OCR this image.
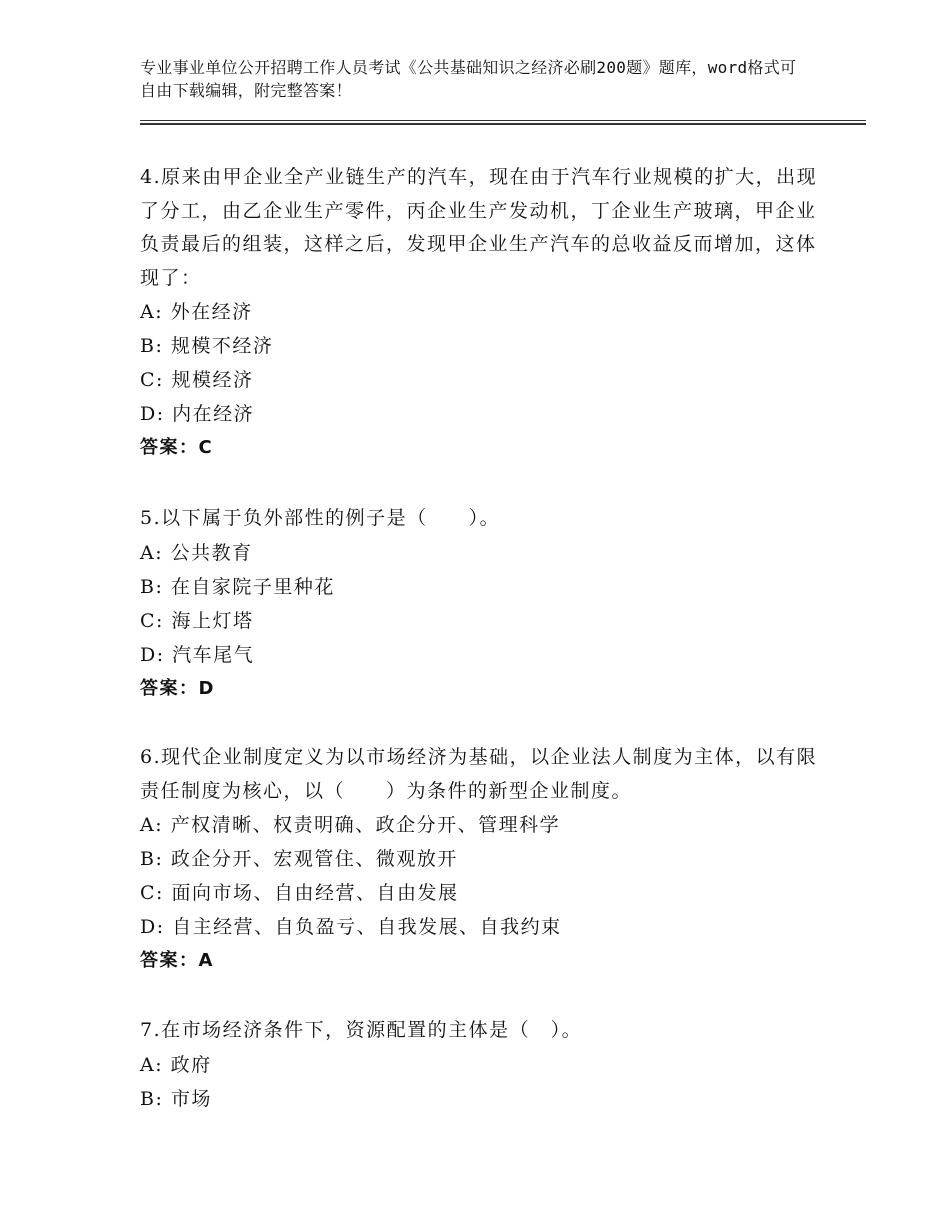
专业事业单位公开招聘工作人员考试《公共基础知识之经济必刷200题》题库，word格式可自由下载编辑，附完整答案！

4.原来由甲企业全产业链生产的汽车，现在由于汽车行业规模的扩大，出现了分工，由乙企业生产零件，丙企业生产发动机，丁企业生产玻璃，甲企业负责最后的组装，这样之后，发现甲企业生产汽车的总收益反而增加，这体现了：

A: 外在经济

B: 规模不经济

C: 规模经济

D: 内在经济

答案：C

5.以下属于负外部性的例子是（　　）。

A: 公共教育

B: 在自家院子里种花

C: 海上灯塔

D: 汽车尾气

答案：D

6.现代企业制度定义为以市场经济为基础，以企业法人制度为主体，以有限责任制度为核心，以（　　）为条件的新型企业制度。

A: 产权清晰、权责明确、政企分开、管理科学

B: 政企分开、宏观管住、微观放开

C: 面向市场、自由经营、自由发展

D: 自主经营、自负盈亏、自我发展、自我约束

答案：A

7.在市场经济条件下，资源配置的主体是（　）。

A: 政府

B: 市场
